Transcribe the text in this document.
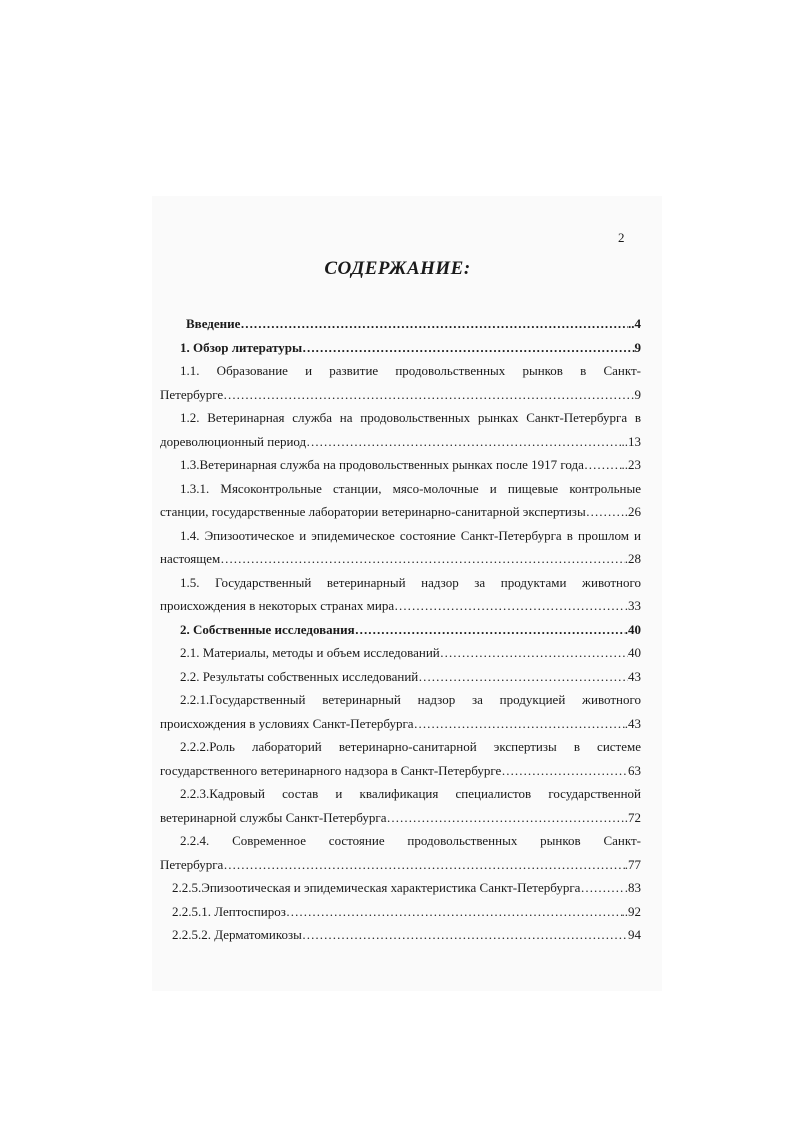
2
СОДЕРЖАНИЕ:
Введение ……………………………………………………………………………………………………………………………………………………………………………	..4
1. Обзор литературы ……………………………………………………………………………………………………………………………………………………………………………	9
1.1. Образование и развитие продовольственных рынков в Санкт-
Петербурге ……………………………………………………………………………………………………………………………………………………………………………	9
1.2. Ветеринарная служба на продовольственных рынках Санкт-Петербурга в
дореволюционный период ……………………………………………………………………………………………………………………………………………………………………………	..13
1.3.Ветеринарная служба на продовольственных рынках после 1917 года ……………………………………………………………………………………………………………………………………………………………………………	..23
1.3.1. Мясоконтрольные станции, мясо-молочные и пищевые контрольные
станции, государственные лаборатории ветеринарно-санитарной экспертизы ……………………………………………………………………………………………………………………………………………………………………………	.26
1.4. Эпизоотическое и эпидемическое состояние Санкт-Петербурга в прошлом и
настоящем ……………………………………………………………………………………………………………………………………………………………………………	.28
1.5. Государственный ветеринарный надзор за продуктами животного
происхождения в некоторых странах мира ……………………………………………………………………………………………………………………………………………………………………………	.33
2. Собственные исследования ……………………………………………………………………………………………………………………………………………………………………………	.40
2.1. Материалы, методы и объем исследований ……………………………………………………………………………………………………………………………………………………………………………	40
2.2. Результаты собственных исследований ……………………………………………………………………………………………………………………………………………………………………………	43
2.2.1.Государственный ветеринарный надзор за продукцией животного
происхождения в условиях Санкт-Петербурга ……………………………………………………………………………………………………………………………………………………………………………	.43
2.2.2.Роль лабораторий ветеринарно-санитарной экспертизы в системе
государственного ветеринарного надзора в Санкт-Петербурге ……………………………………………………………………………………………………………………………………………………………………………	63
2.2.3.Кадровый состав и квалификация специалистов государственной
ветеринарной службы Санкт-Петербурга ……………………………………………………………………………………………………………………………………………………………………………	.72
2.2.4. Современное состояние продовольственных рынков Санкт-
Петербурга ……………………………………………………………………………………………………………………………………………………………………………	.77
2.2.5.Эпизоотическая и эпидемическая характеристика Санкт-Петербурга ……………………………………………………………………………………………………………………………………………………………………………	.83
2.2.5.1. Лептоспироз ……………………………………………………………………………………………………………………………………………………………………………	..92
2.2.5.2. Дерматомикозы ……………………………………………………………………………………………………………………………………………………………………………	94
